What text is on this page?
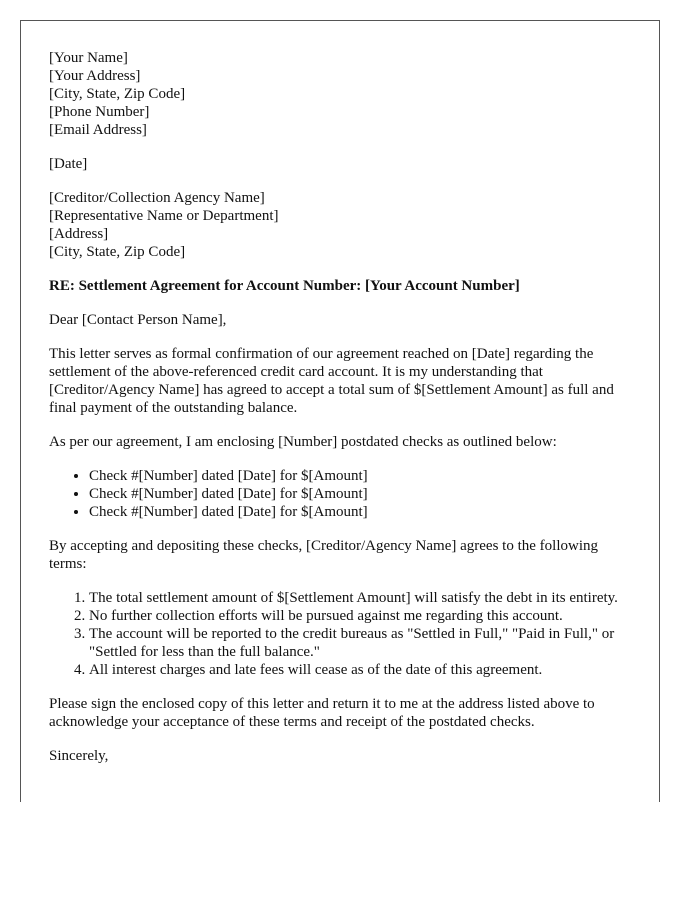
[Your Name]
[Your Address]
[City, State, Zip Code]
[Phone Number]
[Email Address]
[Date]
[Creditor/Collection Agency Name]
[Representative Name or Department]
[Address]
[City, State, Zip Code]
RE: Settlement Agreement for Account Number: [Your Account Number]

Dear [Contact Person Name],

This letter serves as formal confirmation of our agreement reached on [Date] regarding the settlement of the above-referenced credit card account. It is my understanding that [Creditor/Agency Name] has agreed to accept a total sum of $[Settlement Amount] as full and final payment of the outstanding balance.

As per our agreement, I am enclosing [Number] postdated checks as outlined below:

• Check #[Number] dated [Date] for $[Amount]
• Check #[Number] dated [Date] for $[Amount]
• Check #[Number] dated [Date] for $[Amount]

By accepting and depositing these checks, [Creditor/Agency Name] agrees to the following terms:

1. The total settlement amount of $[Settlement Amount] will satisfy the debt in its entirety.
2. No further collection efforts will be pursued against me regarding this account.
3. The account will be reported to the credit bureaus as "Settled in Full," "Paid in Full," or "Settled for less than the full balance."
4. All interest charges and late fees will cease as of the date of this agreement.

Please sign the enclosed copy of this letter and return it to me at the address listed above to acknowledge your acceptance of these terms and receipt of the postdated checks.

Sincerely,
